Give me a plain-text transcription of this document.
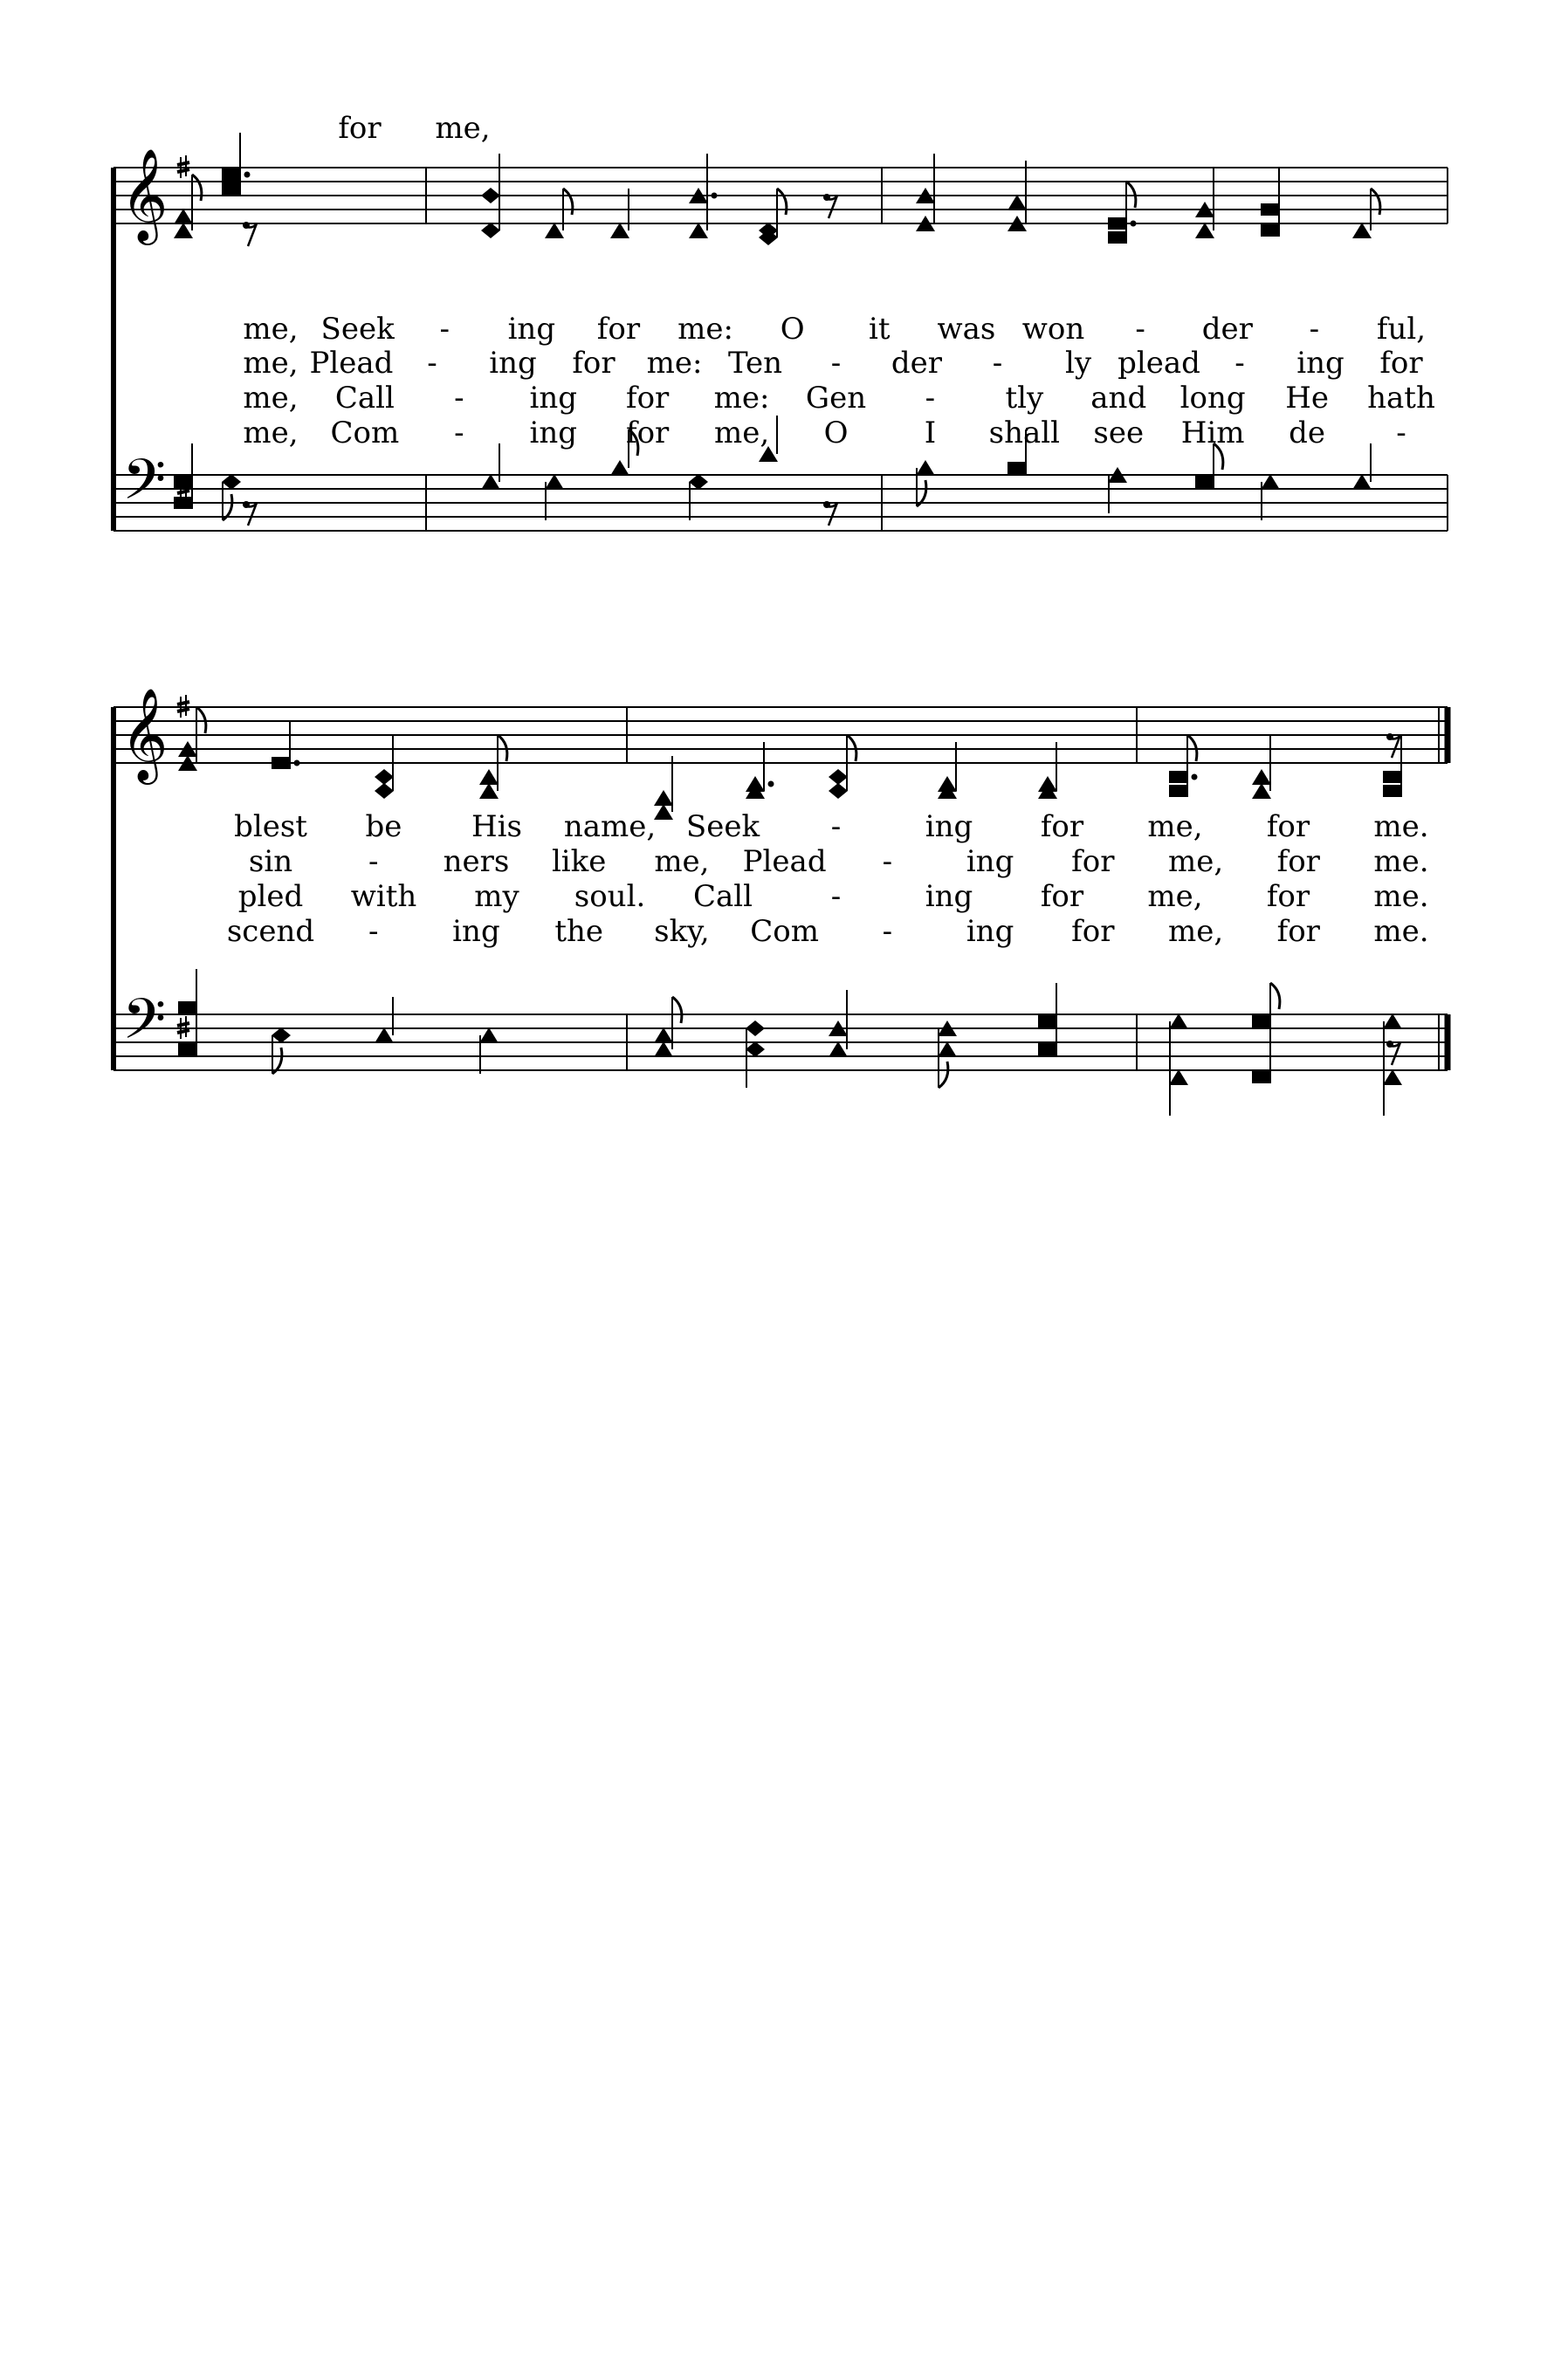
𝄞
𝄢
for me,
me, Seek - ing for me: O it was won - der - ful,
me, Plead - ing for me: Ten - der - ly plead - ing for
me, Call - ing for me: Gen - tly and long He hath
me, Com - ing for me, O	I shall see Him de -
𝄞
𝄢
blest be His name, Seek -	ing for me, for me.
sin	- ners like me, Plead - ing for me, for me.
pled with my soul. Call	-	ing for me, for me.
scend - ing the sky, Com - ing for me, for me.
